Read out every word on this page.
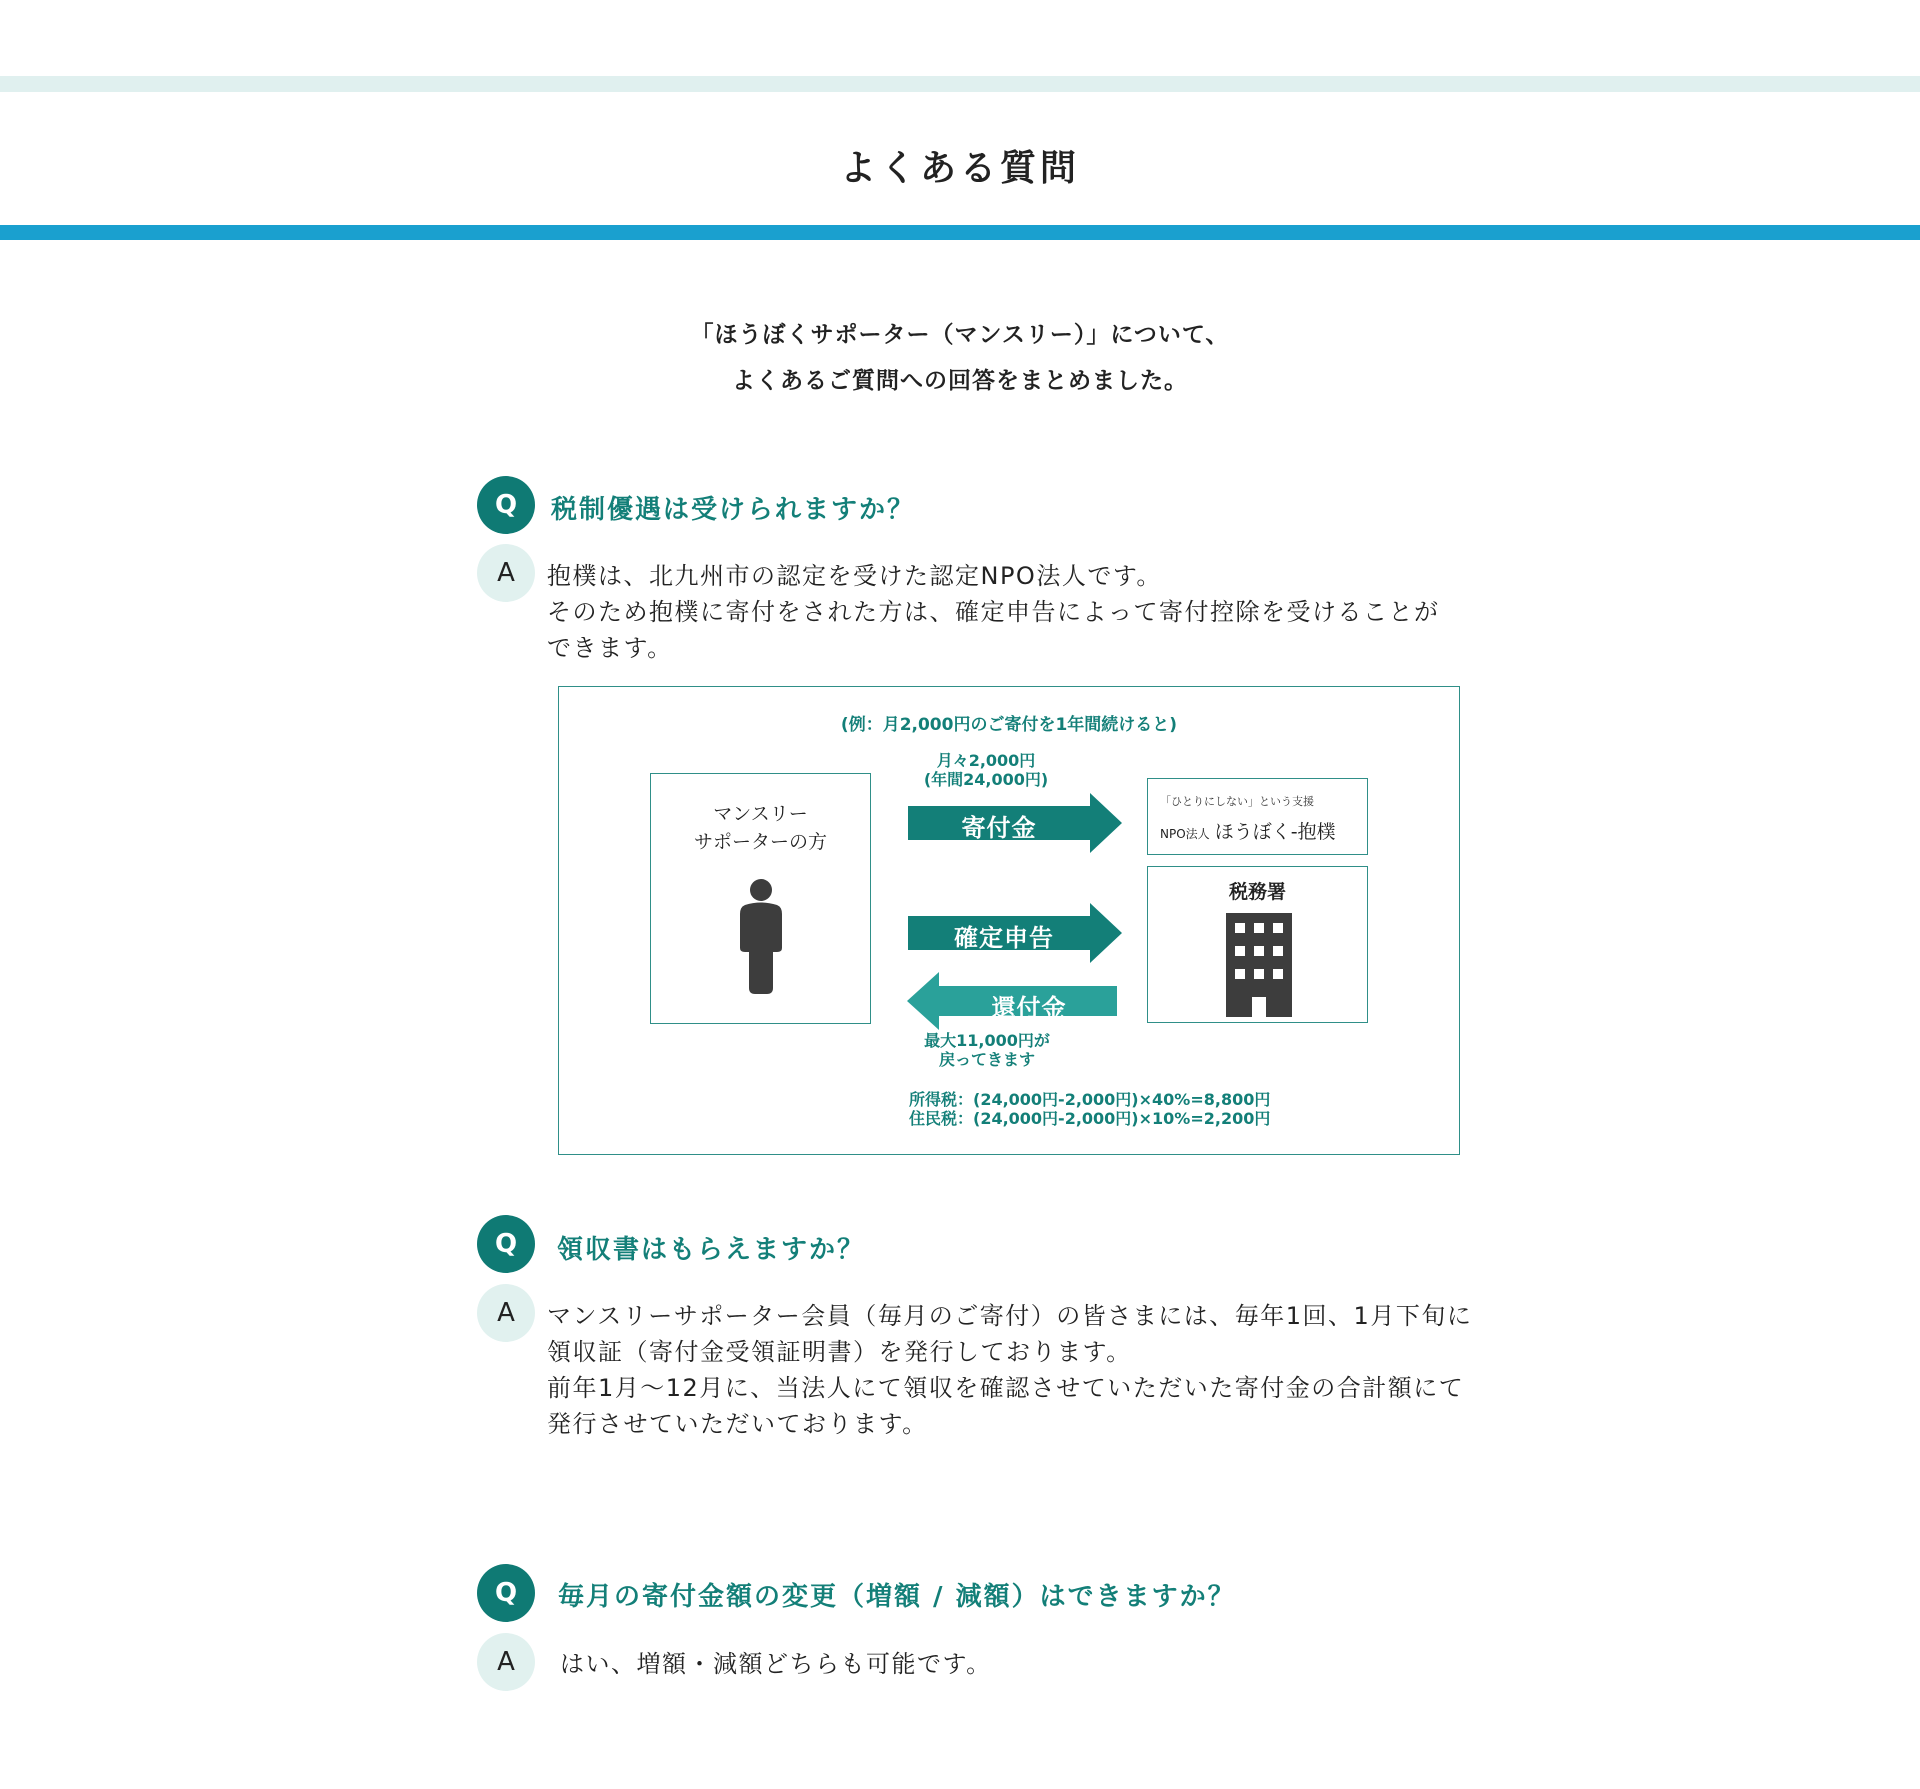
よくある質問
「ほうぼくサポーター（マンスリー）」について、
よくあるご質問への回答をまとめました。
Q	税制優遇は受けられますか？
A	抱樸は、北九州市の認定を受けた認定NPO法人です。
そのため抱樸に寄付をされた方は、確定申告によって寄付控除を受けることが
できます。
(例：月2,000円のご寄付を1年間続けると)
マンスリー
サポーターの方
月々2,000円
(年間24,000円)
寄付金
確定申告
還付金
最大11,000円が
戻ってきます
「ひとりにしない」という支援
NPO法人 ほうぼく-抱樸
税務署
所得税：(24,000円-2,000円)×40%=8,800円
住民税：(24,000円-2,000円)×10%=2,200円
Q	領収書はもらえますか？
A	マンスリーサポーター会員（毎月のご寄付）の皆さまには、毎年1回、1月下旬に
領収証（寄付金受領証明書）を発行しております。
前年1月〜12月に、当法人にて領収を確認させていただいた寄付金の合計額にて
発行させていただいております。
Q	毎月の寄付金額の変更（増額 / 減額）はできますか？
A	はい、増額・減額どちらも可能です。
